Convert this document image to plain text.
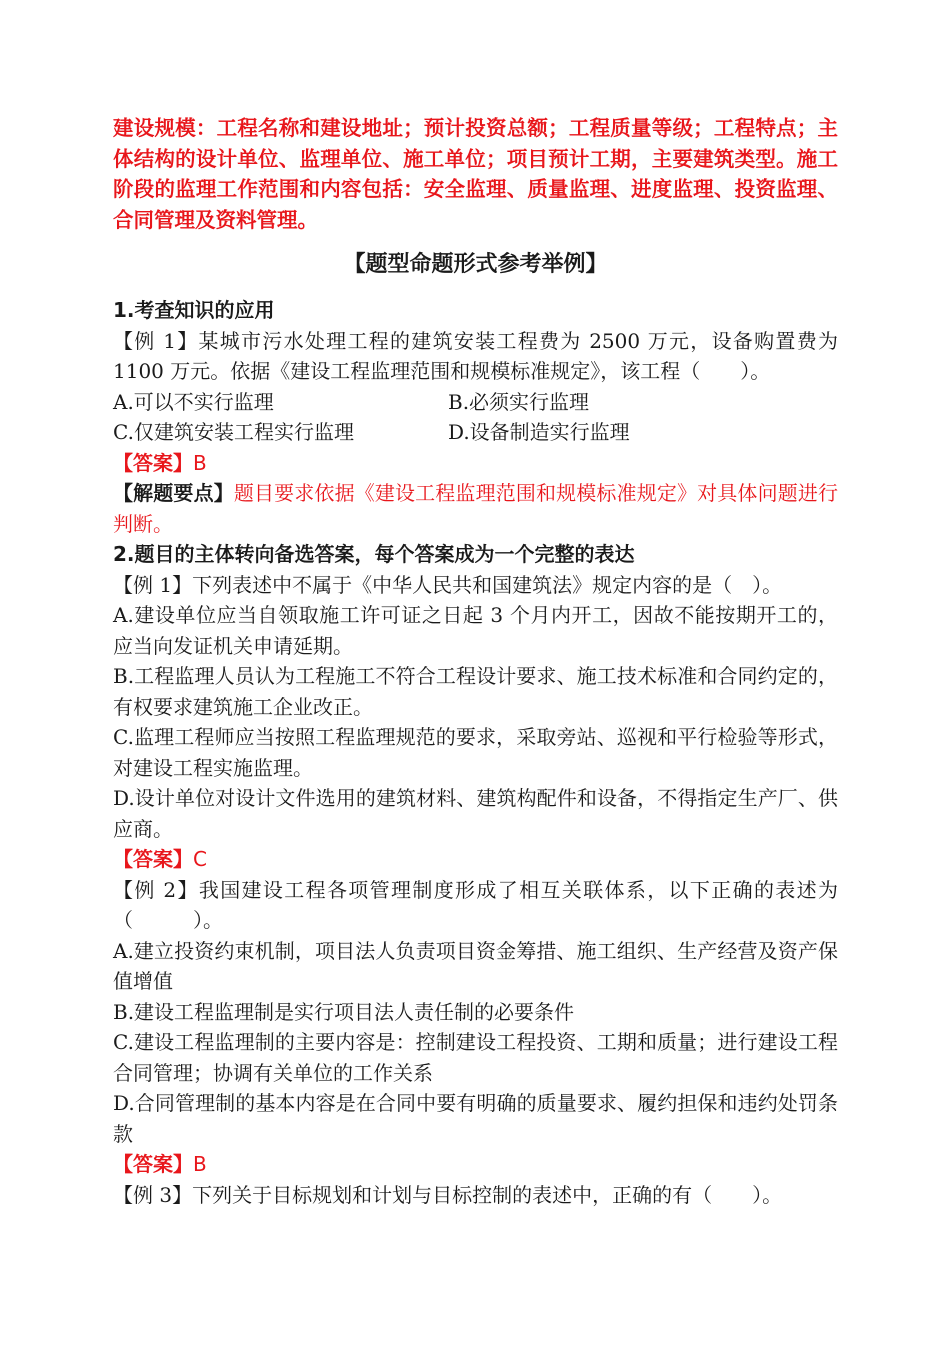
建设规模：工程名称和建设地址；预计投资总额；工程质量等级；工程特点；主体结构的设计单位、监理单位、施工单位；项目预计工期，主要建筑类型。施工阶段的监理工作范围和内容包括：安全监理、质量监理、进度监理、投资监理、合同管理及资料管理。

【题型命题形式参考举例】

1.考查知识的应用

【例 1】某城市污水处理工程的建筑安装工程费为 2500 万元，设备购置费为 1100 万元。依据《建设工程监理范围和规模标准规定》，该工程（　　）。

A.可以不实行监理	B.必须实行监理
C.仅建筑安装工程实行监理	D.设备制造实行监理

【答案】B

【解题要点】题目要求依据《建设工程监理范围和规模标准规定》对具体问题进行判断。

2.题目的主体转向备选答案，每个答案成为一个完整的表达

【例 1】下列表述中不属于《中华人民共和国建筑法》规定内容的是（　）。

A.建设单位应当自领取施工许可证之日起 3 个月内开工，因故不能按期开工的，应当向发证机关申请延期。

B.工程监理人员认为工程施工不符合工程设计要求、施工技术标准和合同约定的，有权要求建筑施工企业改正。

C.监理工程师应当按照工程监理规范的要求，采取旁站、巡视和平行检验等形式，对建设工程实施监理。

D.设计单位对设计文件选用的建筑材料、建筑构配件和设备，不得指定生产厂、供应商。

【答案】C

【例 2】我国建设工程各项管理制度形成了相互关联体系，以下正确的表述为（　　　）。

A.建立投资约束机制，项目法人负责项目资金筹措、施工组织、生产经营及资产保值增值

B.建设工程监理制是实行项目法人责任制的必要条件

C.建设工程监理制的主要内容是：控制建设工程投资、工期和质量；进行建设工程合同管理；协调有关单位的工作关系

D.合同管理制的基本内容是在合同中要有明确的质量要求、履约担保和违约处罚条款

【答案】B

【例 3】下列关于目标规划和计划与目标控制的表述中，正确的有（　　）。
